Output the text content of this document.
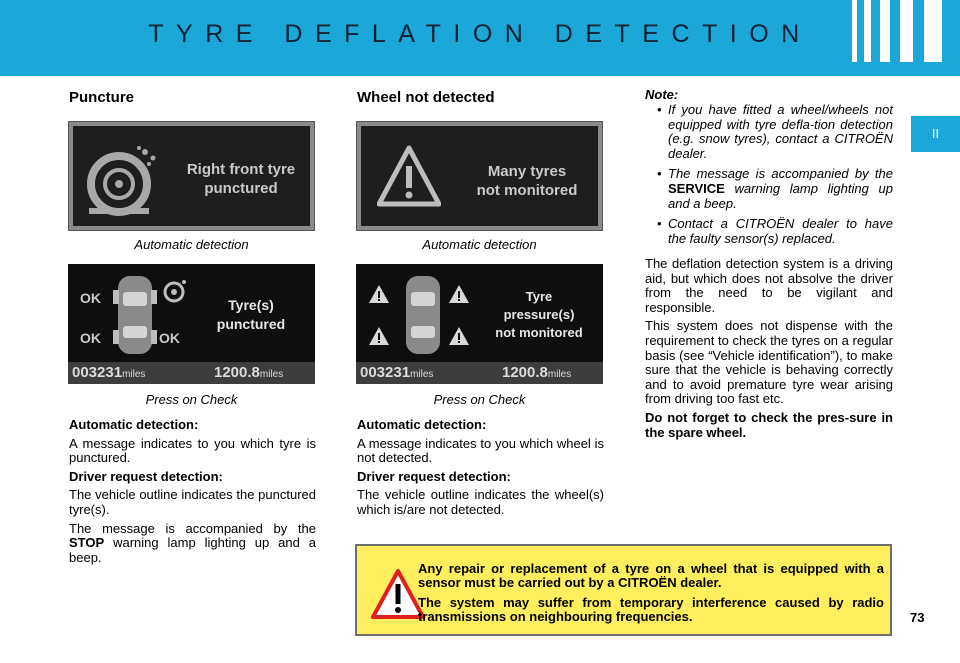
TYRE DEFLATION DETECTION
II
Puncture
Right front tyre
punctured
Automatic detection
OK
OK	OK
Tyre(s)
punctured
003231miles	1200.8miles
Press on Check

Automatic detection:

A message indicates to you which tyre is punctured.

Driver request detection:

The vehicle outline indicates the punctured tyre(s).

The message is accompanied by the STOP warning lamp lighting up and a beep.

Wheel not detected
Many tyres
not monitored
Automatic detection
Tyre
pressure(s)
not monitored
003231miles	1200.8miles
Press on Check

Automatic detection:

A message indicates to you which wheel is not detected.

Driver request detection:

The vehicle outline indicates the wheel(s) which is/are not detected.

Note:
• If you have fitted a wheel/wheels not equipped with tyre defla-tion detection (e.g. snow tyres), contact a CITROËN dealer.
• The message is accompanied by the SERVICE warning lamp lighting up and a beep.
• Contact a CITROËN dealer to have the faulty sensor(s) replaced.

The deflation detection system is a driving aid, but which does not absolve the driver from the need to be vigilant and responsible.

This system does not dispense with the requirement to check the tyres on a regular basis (see “Vehicle identification”), to make sure that the vehicle is behaving correctly and to avoid premature tyre wear arising from driving too fast etc.

Do not forget to check the pres-sure in the spare wheel.

Any repair or replacement of a tyre on a wheel that is equipped with a sensor must be carried out by a CITROËN dealer.

The system may suffer from temporary interference caused by radio transmissions on neighbouring frequencies.	73
